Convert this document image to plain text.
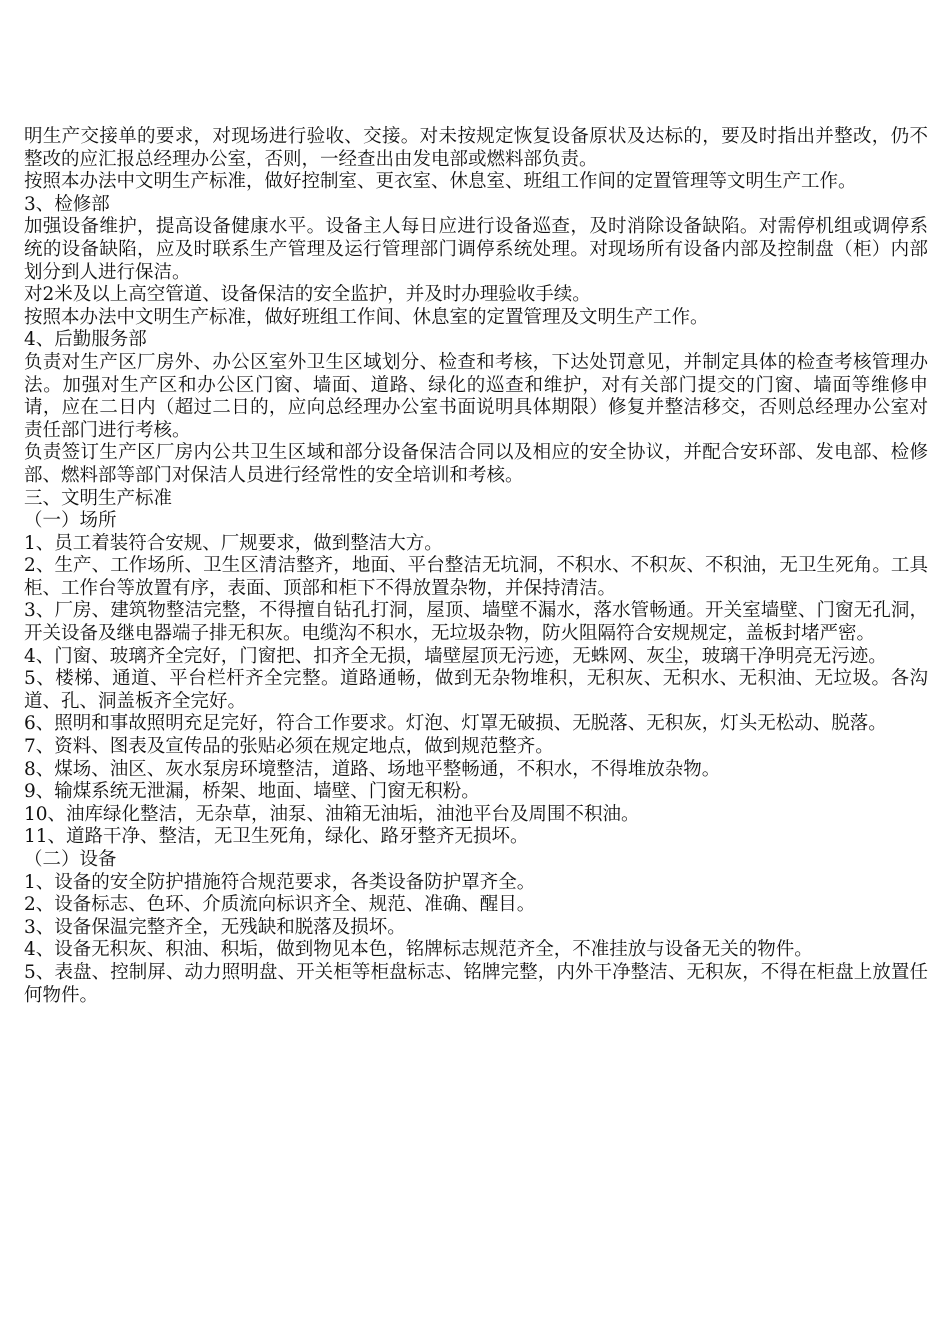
明生产交接单的要求，对现场进行验收、交接。对未按规定恢复设备原状及达标的，要及时指出并整改，仍不整改的应汇报总经理办公室，否则，一经查出由发电部或燃料部负责。

按照本办法中文明生产标准，做好控制室、更衣室、休息室、班组工作间的定置管理等文明生产工作。

3、检修部

加强设备维护，提高设备健康水平。设备主人每日应进行设备巡查，及时消除设备缺陷。对需停机组或调停系统的设备缺陷，应及时联系生产管理及运行管理部门调停系统处理。对现场所有设备内部及控制盘（柜）内部划分到人进行保洁。

对2米及以上高空管道、设备保洁的安全监护，并及时办理验收手续。

按照本办法中文明生产标准，做好班组工作间、休息室的定置管理及文明生产工作。

4、后勤服务部

负责对生产区厂房外、办公区室外卫生区域划分、检查和考核，下达处罚意见，并制定具体的检查考核管理办法。加强对生产区和办公区门窗、墙面、道路、绿化的巡查和维护，对有关部门提交的门窗、墙面等维修申请，应在二日内（超过二日的，应向总经理办公室书面说明具体期限）修复并整洁移交，否则总经理办公室对责任部门进行考核。

负责签订生产区厂房内公共卫生区域和部分设备保洁合同以及相应的安全协议，并配合安环部、发电部、检修部、燃料部等部门对保洁人员进行经常性的安全培训和考核。

三、文明生产标准

（一）场所

1、员工着装符合安规、厂规要求，做到整洁大方。

2、生产、工作场所、卫生区清洁整齐，地面、平台整洁无坑洞，不积水、不积灰、不积油，无卫生死角。工具柜、工作台等放置有序，表面、顶部和柜下不得放置杂物，并保持清洁。

3、厂房、建筑物整洁完整，不得擅自钻孔打洞，屋顶、墙壁不漏水，落水管畅通。开关室墙壁、门窗无孔洞，开关设备及继电器端子排无积灰。电缆沟不积水，无垃圾杂物，防火阻隔符合安规规定，盖板封堵严密。

4、门窗、玻璃齐全完好，门窗把、扣齐全无损，墙壁屋顶无污迹，无蛛网、灰尘，玻璃干净明亮无污迹。

5、楼梯、通道、平台栏杆齐全完整。道路通畅，做到无杂物堆积，无积灰、无积水、无积油、无垃圾。各沟道、孔、洞盖板齐全完好。

6、照明和事故照明充足完好，符合工作要求。灯泡、灯罩无破损、无脱落、无积灰，灯头无松动、脱落。

7、资料、图表及宣传品的张贴必须在规定地点，做到规范整齐。

8、煤场、油区、灰水泵房环境整洁，道路、场地平整畅通，不积水，不得堆放杂物。

9、输煤系统无泄漏，桥架、地面、墙壁、门窗无积粉。

10、油库绿化整洁，无杂草，油泵、油箱无油垢，油池平台及周围不积油。

11、道路干净、整洁，无卫生死角，绿化、路牙整齐无损坏。

（二）设备

1、设备的安全防护措施符合规范要求，各类设备防护罩齐全。

2、设备标志、色环、介质流向标识齐全、规范、准确、醒目。

3、设备保温完整齐全，无残缺和脱落及损坏。

4、设备无积灰、积油、积垢，做到物见本色，铭牌标志规范齐全，不准挂放与设备无关的物件。

5、表盘、控制屏、动力照明盘、开关柜等柜盘标志、铭牌完整，内外干净整洁、无积灰，不得在柜盘上放置任何物件。
